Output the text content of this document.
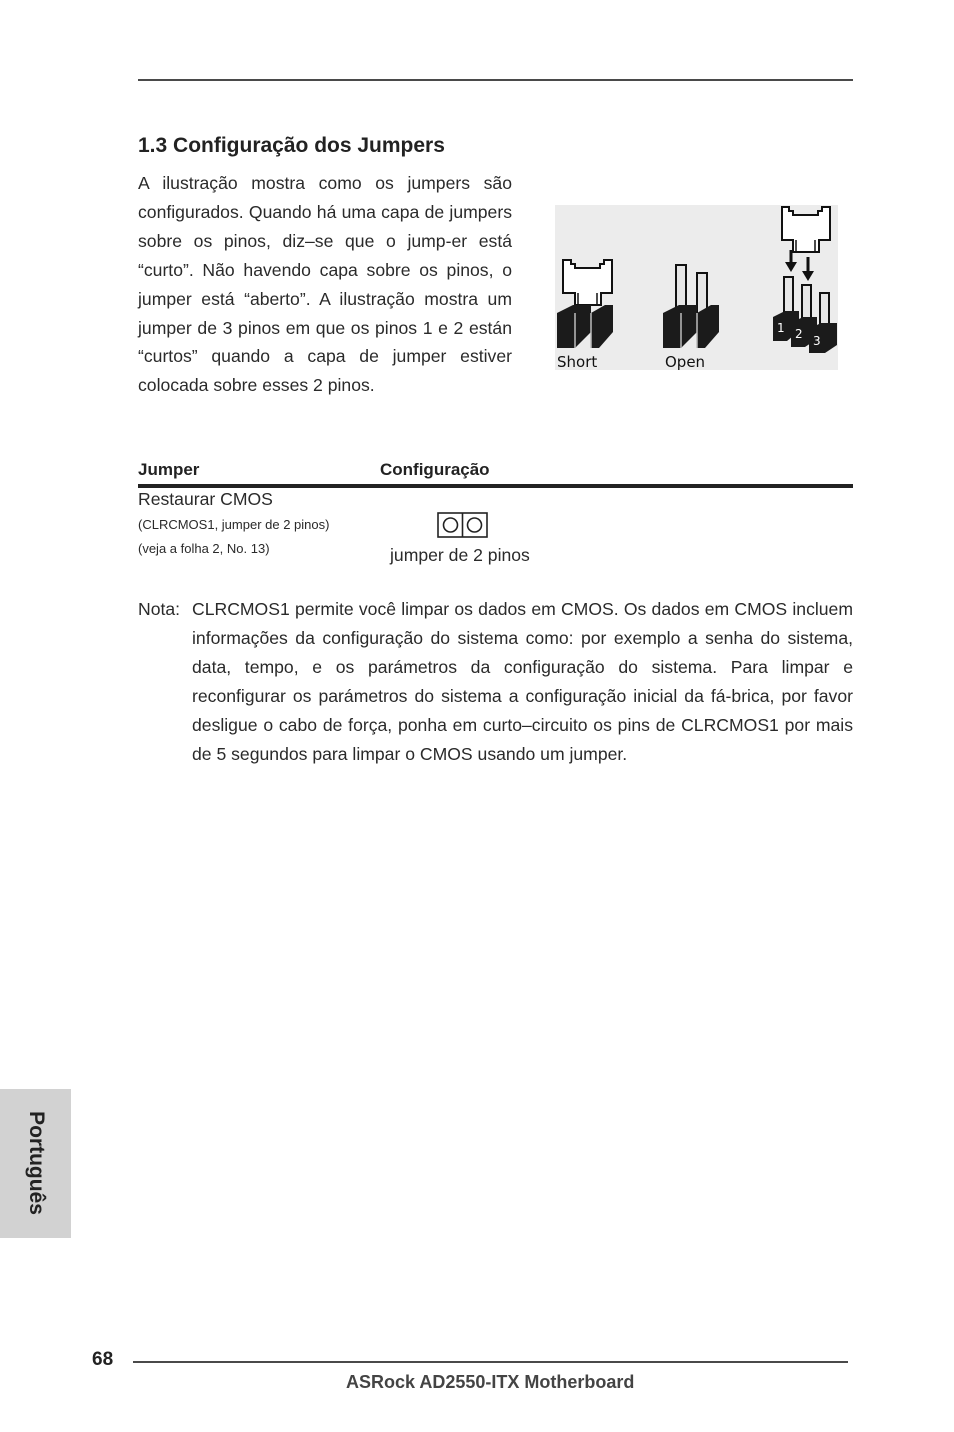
1.3 Configuração dos Jumpers

A ilustração mostra como os jumpers são configurados. Quando há uma capa de jumpers sobre os pinos, diz–se que o jump-er está “curto”. Não havendo capa sobre os pinos, o jumper está “aberto”. A ilustração mostra um jumper de 3 pinos em que os pinos 1 e 2 están “curtos” quando a capa de jumper estiver colocada sobre esses 2 pinos.

1 2 3
Short	Open
Jumper	Configuração
Restaurar CMOS
(CLRCMOS1, jumper de 2 pinos)
(veja a folha 2, No. 13)	jumper de 2 pinos
Nota: CLRCMOS1 permite você limpar os dados em CMOS. Os dados em CMOS incluem informações da configuração do sistema como: por exemplo a senha do sistema, data, tempo, e os parámetros da configuração do sistema. Para limpar e reconfigurar os parámetros do sistema a configuração inicial da fá-brica, por favor desligue o cabo de força, ponha em curto–circuito os pins de CLRCMOS1 por mais de 5 segundos para limpar o CMOS usando um jumper.

Português
68
ASRock AD2550-ITX Motherboard
